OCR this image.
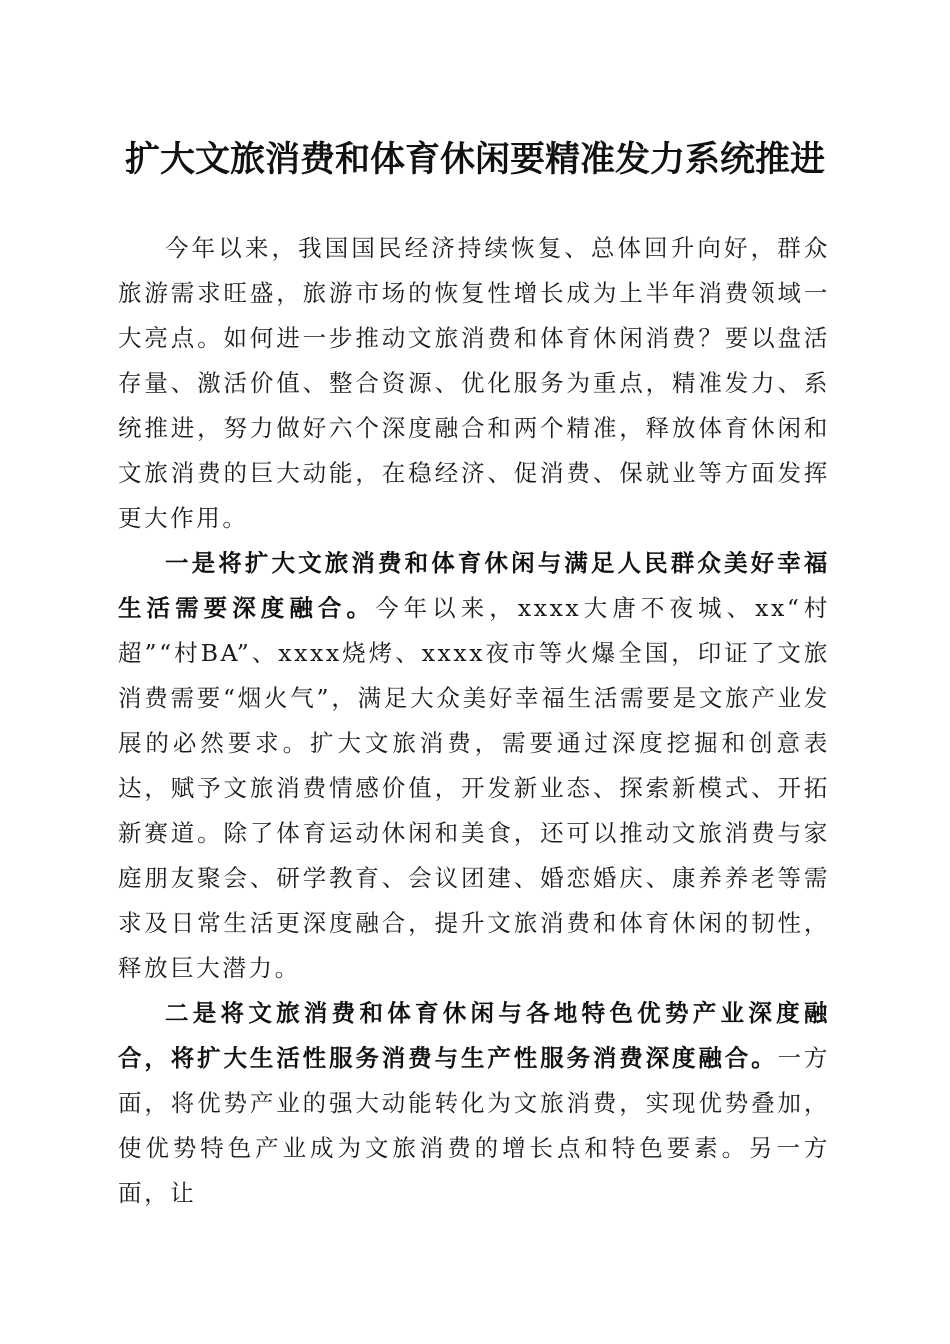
扩大文旅消费和体育休闲要精准发力系统推进

今年以来，我国国民经济持续恢复、总体回升向好，群众旅游需求旺盛，旅游市场的恢复性增长成为上半年消费领域一大亮点。如何进一步推动文旅消费和体育休闲消费？要以盘活存量、激活价值、整合资源、优化服务为重点，精准发力、系统推进，努力做好六个深度融合和两个精准，释放体育休闲和文旅消费的巨大动能，在稳经济、促消费、保就业等方面发挥更大作用。

一是将扩大文旅消费和体育休闲与满足人民群众美好幸福生活需要深度融合。今年以来，xxxx大唐不夜城、xx“村超”“村BA”、xxxx烧烤、xxxx夜市等火爆全国，印证了文旅消费需要“烟火气”，满足大众美好幸福生活需要是文旅产业发展的必然要求。扩大文旅消费，需要通过深度挖掘和创意表达，赋予文旅消费情感价值，开发新业态、探索新模式、开拓新赛道。除了体育运动休闲和美食，还可以推动文旅消费与家庭朋友聚会、研学教育、会议团建、婚恋婚庆、康养养老等需求及日常生活更深度融合，提升文旅消费和体育休闲的韧性，释放巨大潜力。

二是将文旅消费和体育休闲与各地特色优势产业深度融合，将扩大生活性服务消费与生产性服务消费深度融合。一方面，将优势产业的强大动能转化为文旅消费，实现优势叠加，使优势特色产业成为文旅消费的增长点和特色要素。另一方面，让
